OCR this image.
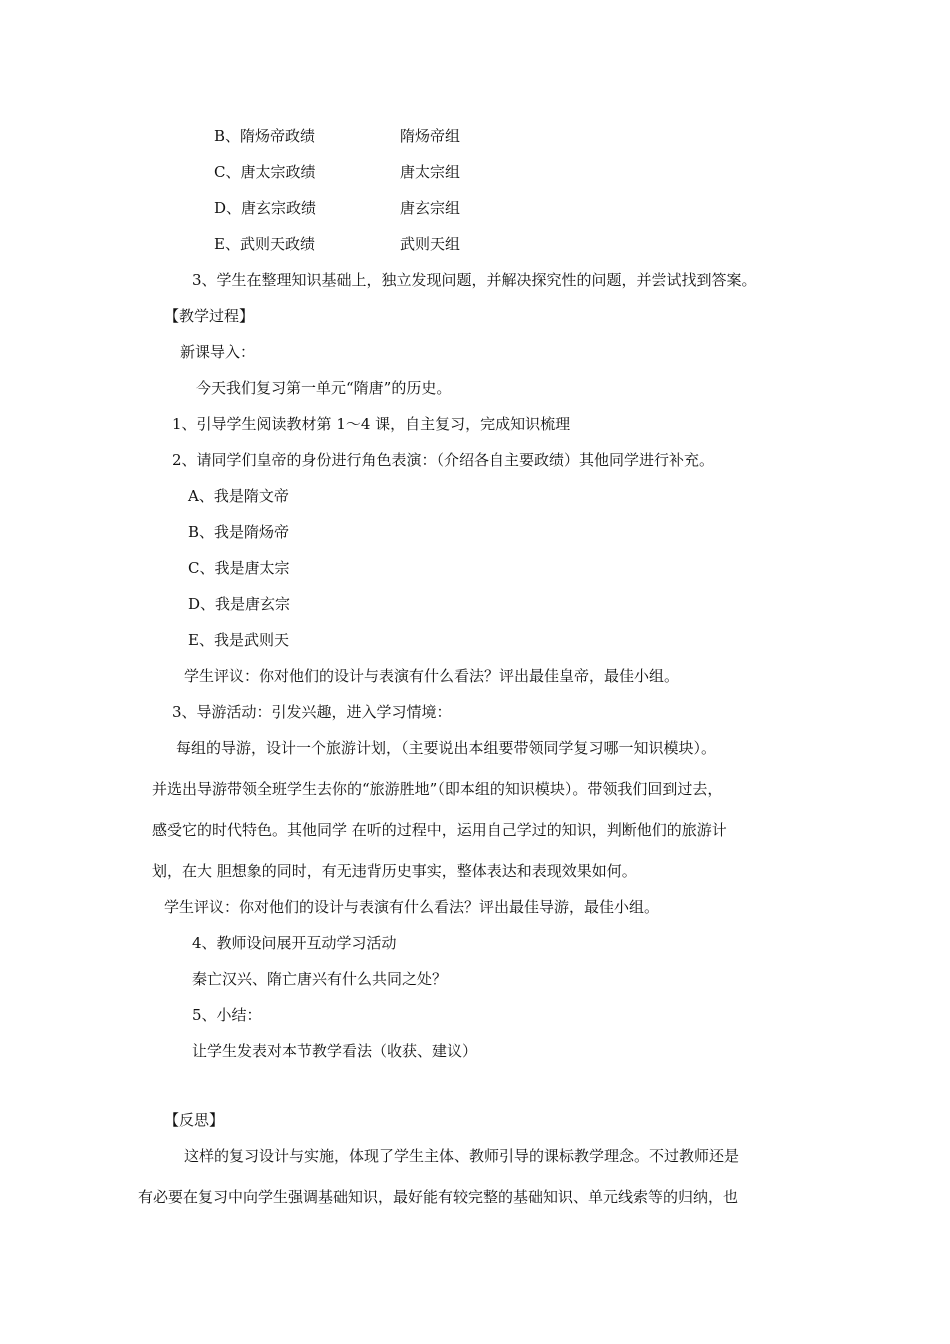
B、隋炀帝政绩	隋炀帝组
C、唐太宗政绩	唐太宗组
D、唐玄宗政绩	唐玄宗组
E、武则天政绩	武则天组
3、学生在整理知识基础上，独立发现问题，并解决探究性的问题，并尝试找到答案。
【教学过程】
新课导入：
今天我们复习第一单元“隋唐”的历史。
1、引导学生阅读教材第 1～4 课，自主复习，完成知识梳理
2、请同学们皇帝的身份进行角色表演：（介绍各自主要政绩）其他同学进行补充。
A、我是隋文帝
B、我是隋炀帝
C、我是唐太宗
D、我是唐玄宗
E、我是武则天
学生评议：你对他们的设计与表演有什么看法？评出最佳皇帝，最佳小组。
3、导游活动：引发兴趣，进入学习情境：
每组的导游，设计一个旅游计划，（主要说出本组要带领同学复习哪一知识模块）。
并选出导游带领全班学生去你的“旅游胜地”（即本组的知识模块）。带领我们回到过去，
感受它的时代特色。其他同学 在听的过程中，运用自己学过的知识，判断他们的旅游计
划，在大 胆想象的同时，有无违背历史事实，整体表达和表现效果如何。
学生评议：你对他们的设计与表演有什么看法？评出最佳导游，最佳小组。
4、教师设问展开互动学习活动
秦亡汉兴、隋亡唐兴有什么共同之处？
5、小结：
让学生发表对本节教学看法（收获、建议）
【反思】
这样的复习设计与实施，体现了学生主体、教师引导的课标教学理念。不过教师还是
有必要在复习中向学生强调基础知识，最好能有较完整的基础知识、单元线索等的归纳，也
